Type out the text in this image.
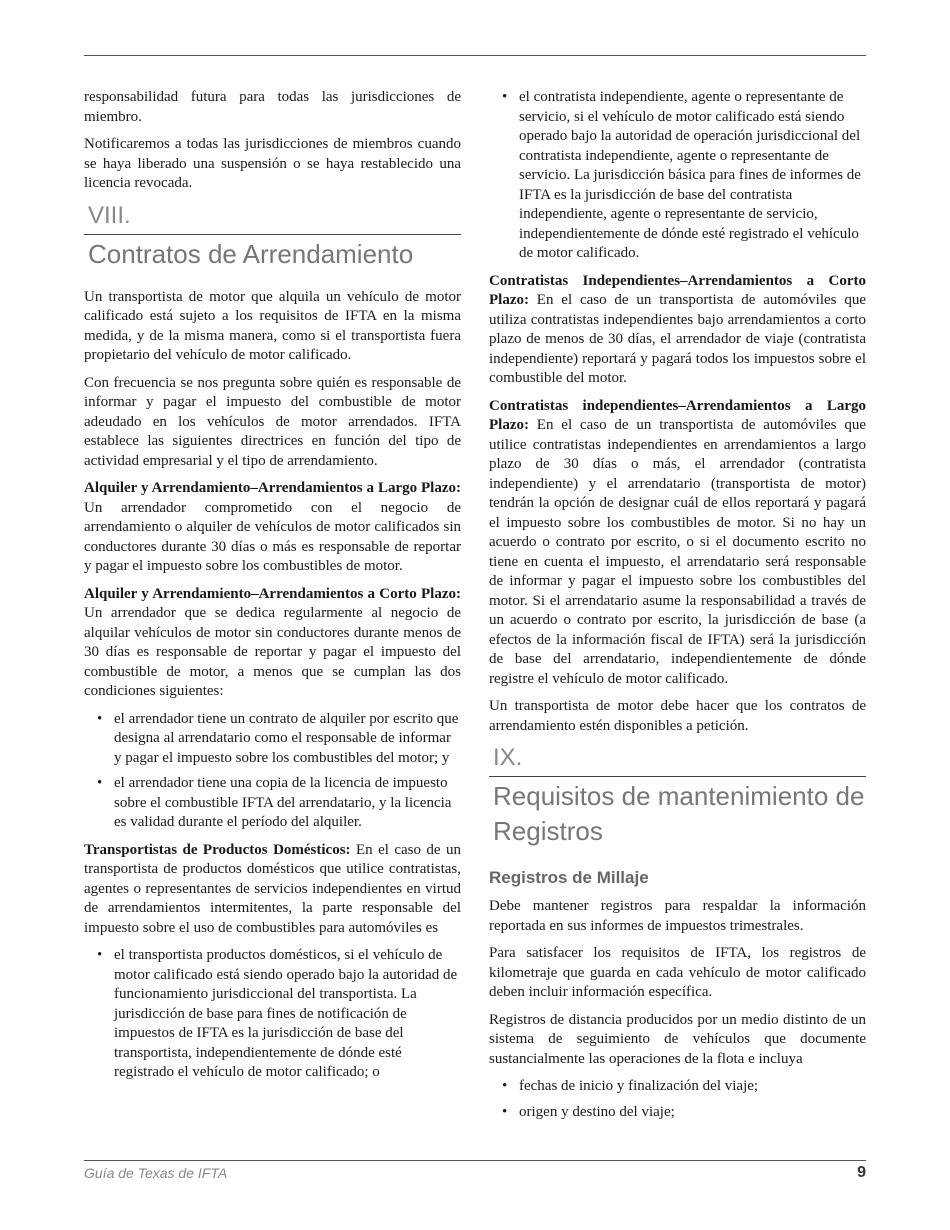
responsabilidad futura para todas las jurisdicciones de miembro.

Notificaremos a todas las jurisdicciones de miembros cuando se haya liberado una suspensión o se haya restablecido una licencia revocada.

VIII.
Contratos de Arrendamiento

Un transportista de motor que alquila un vehículo de motor calificado está sujeto a los requisitos de IFTA en la misma medida, y de la misma manera, como si el transportista fuera propietario del vehículo de motor calificado.

Con frecuencia se nos pregunta sobre quién es responsable de informar y pagar el impuesto del combustible de motor adeudado en los vehículos de motor arrendados. IFTA establece las siguientes directrices en función del tipo de actividad empresarial y el tipo de arrendamiento.

Alquiler y Arrendamiento–Arrendamientos a Largo Plazo: Un arrendador comprometido con el negocio de arrendamiento o alquiler de vehículos de motor calificados sin conductores durante 30 días o más es responsable de reportar y pagar el impuesto sobre los combustibles de motor.

Alquiler y Arrendamiento–Arrendamientos a Corto Plazo: Un arrendador que se dedica regularmente al negocio de alquilar vehículos de motor sin conductores durante menos de 30 días es responsable de reportar y pagar el impuesto del combustible de motor, a menos que se cumplan las dos condiciones siguientes:

• el arrendador tiene un contrato de alquiler por escrito que designa al arrendatario como el responsable de informar y pagar el impuesto sobre los combustibles del motor; y
• el arrendador tiene una copia de la licencia de impuesto sobre el combustible IFTA del arrendatario, y la licencia es validad durante el período del alquiler.

Transportistas de Productos Domésticos: En el caso de un transportista de productos domésticos que utilice contratistas, agentes o representantes de servicios independientes en virtud de arrendamientos intermitentes, la parte responsable del impuesto sobre el uso de combustibles para automóviles es

• el transportista productos domésticos, si el vehículo de motor calificado está siendo operado bajo la autoridad de funcionamiento jurisdiccional del transportista. La jurisdicción de base para fines de notificación de impuestos de IFTA es la jurisdicción de base del transportista, independientemente de dónde esté registrado el vehículo de motor calificado; o
• el contratista independiente, agente o representante de servicio, si el vehículo de motor calificado está siendo operado bajo la autoridad de operación jurisdiccional del contratista independiente, agente o representante de servicio. La jurisdicción básica para fines de informes de IFTA es la jurisdicción de base del contratista independiente, agente o representante de servicio, independientemente de dónde esté registrado el vehículo de motor calificado.

Contratistas Independientes–Arrendamientos a Corto Plazo: En el caso de un transportista de automóviles que utiliza contratistas independientes bajo arrendamientos a corto plazo de menos de 30 días, el arrendador de viaje (contratista independiente) reportará y pagará todos los impuestos sobre el combustible del motor.

Contratistas independientes–Arrendamientos a Largo Plazo: En el caso de un transportista de automóviles que utilice contratistas independientes en arrendamientos a largo plazo de 30 días o más, el arrendador (contratista independiente) y el arrendatario (transportista de motor) tendrán la opción de designar cuál de ellos reportará y pagará el impuesto sobre los combustibles de motor. Si no hay un acuerdo o contrato por escrito, o si el documento escrito no tiene en cuenta el impuesto, el arrendatario será responsable de informar y pagar el impuesto sobre los combustibles del motor. Si el arrendatario asume la responsabilidad a través de un acuerdo o contrato por escrito, la jurisdicción de base (a efectos de la información fiscal de IFTA) será la jurisdicción de base del arrendatario, independientemente de dónde registre el vehículo de motor calificado.

Un transportista de motor debe hacer que los contratos de arrendamiento estén disponibles a petición.

IX.
Requisitos de mantenimiento de Registros
Registros de Millaje

Debe mantener registros para respaldar la información reportada en sus informes de impuestos trimestrales.

Para satisfacer los requisitos de IFTA, los registros de kilometraje que guarda en cada vehículo de motor calificado deben incluir información específica.

Registros de distancia producidos por un medio distinto de un sistema de seguimiento de vehículos que documente sustancialmente las operaciones de la flota e incluya

• fechas de inicio y finalización del viaje;
• origen y destino del viaje;
Guía de Texas de IFTA	9
